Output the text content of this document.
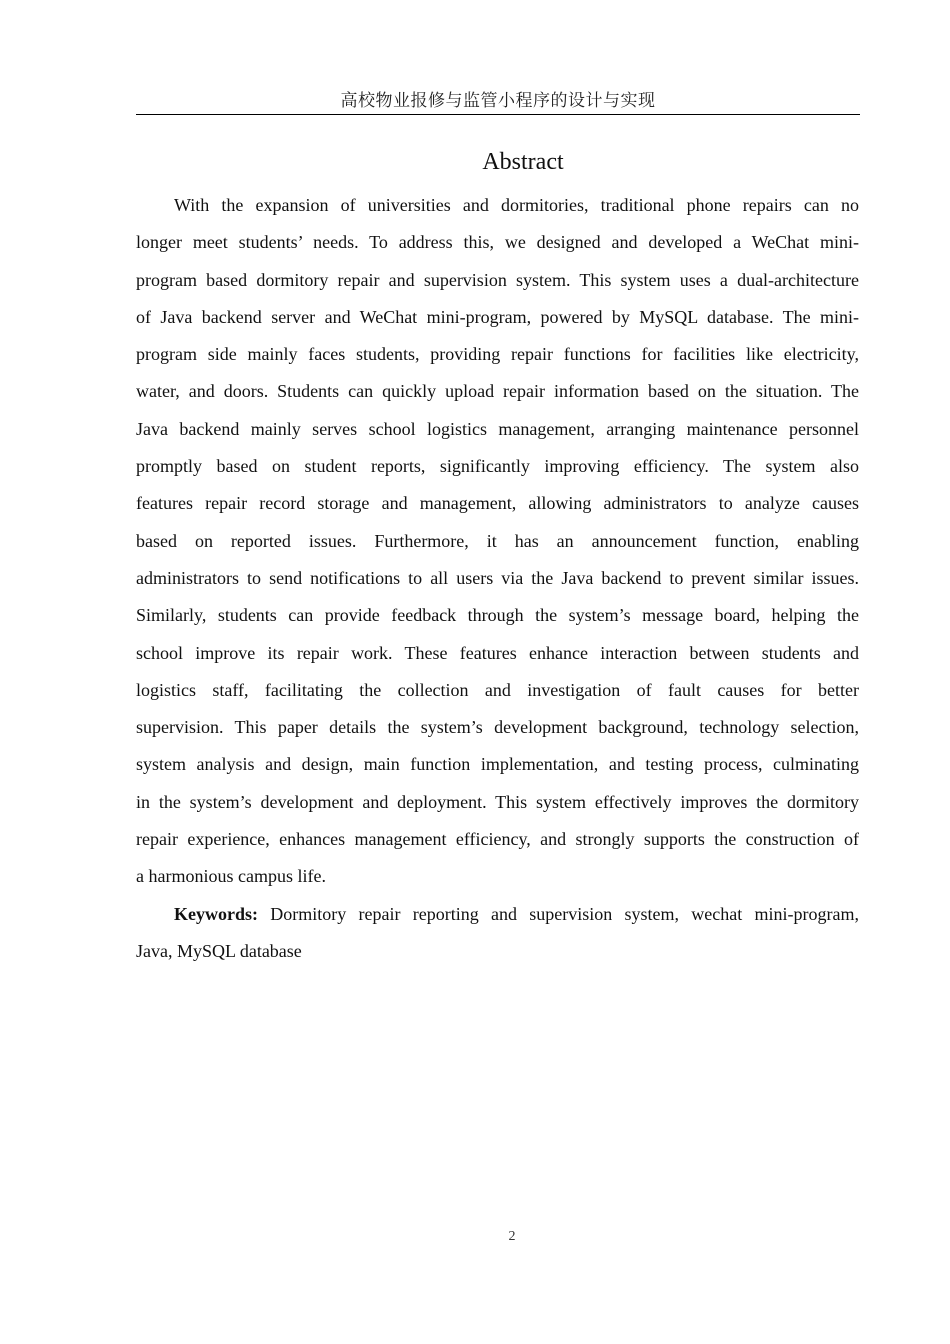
高校物业报修与监管小程序的设计与实现
Abstract
With the expansion of universities and dormitories, traditional phone repairs can no
longer meet students’ needs. To address this, we designed and developed a WeChat mini-
program based dormitory repair and supervision system. This system uses a dual-architecture
of Java backend server and WeChat mini-program, powered by MySQL database. The mini-
program side mainly faces students, providing repair functions for facilities like electricity,
water, and doors. Students can quickly upload repair information based on the situation. The
Java backend mainly serves school logistics management, arranging maintenance personnel
promptly based on student reports, significantly improving efficiency. The system also
features repair record storage and management, allowing administrators to analyze causes
based on reported issues. Furthermore, it has an announcement function, enabling
administrators to send notifications to all users via the Java backend to prevent similar issues.
Similarly, students can provide feedback through the system’s message board, helping the
school improve its repair work. These features enhance interaction between students and
logistics staff, facilitating the collection and investigation of fault causes for better
supervision. This paper details the system’s development background, technology selection,
system analysis and design, main function implementation, and testing process, culminating
in the system’s development and deployment. This system effectively improves the dormitory
repair experience, enhances management efficiency, and strongly supports the construction of
a harmonious campus life.
Keywords: Dormitory repair reporting and supervision system, wechat mini-program,
Java, MySQL database
2
